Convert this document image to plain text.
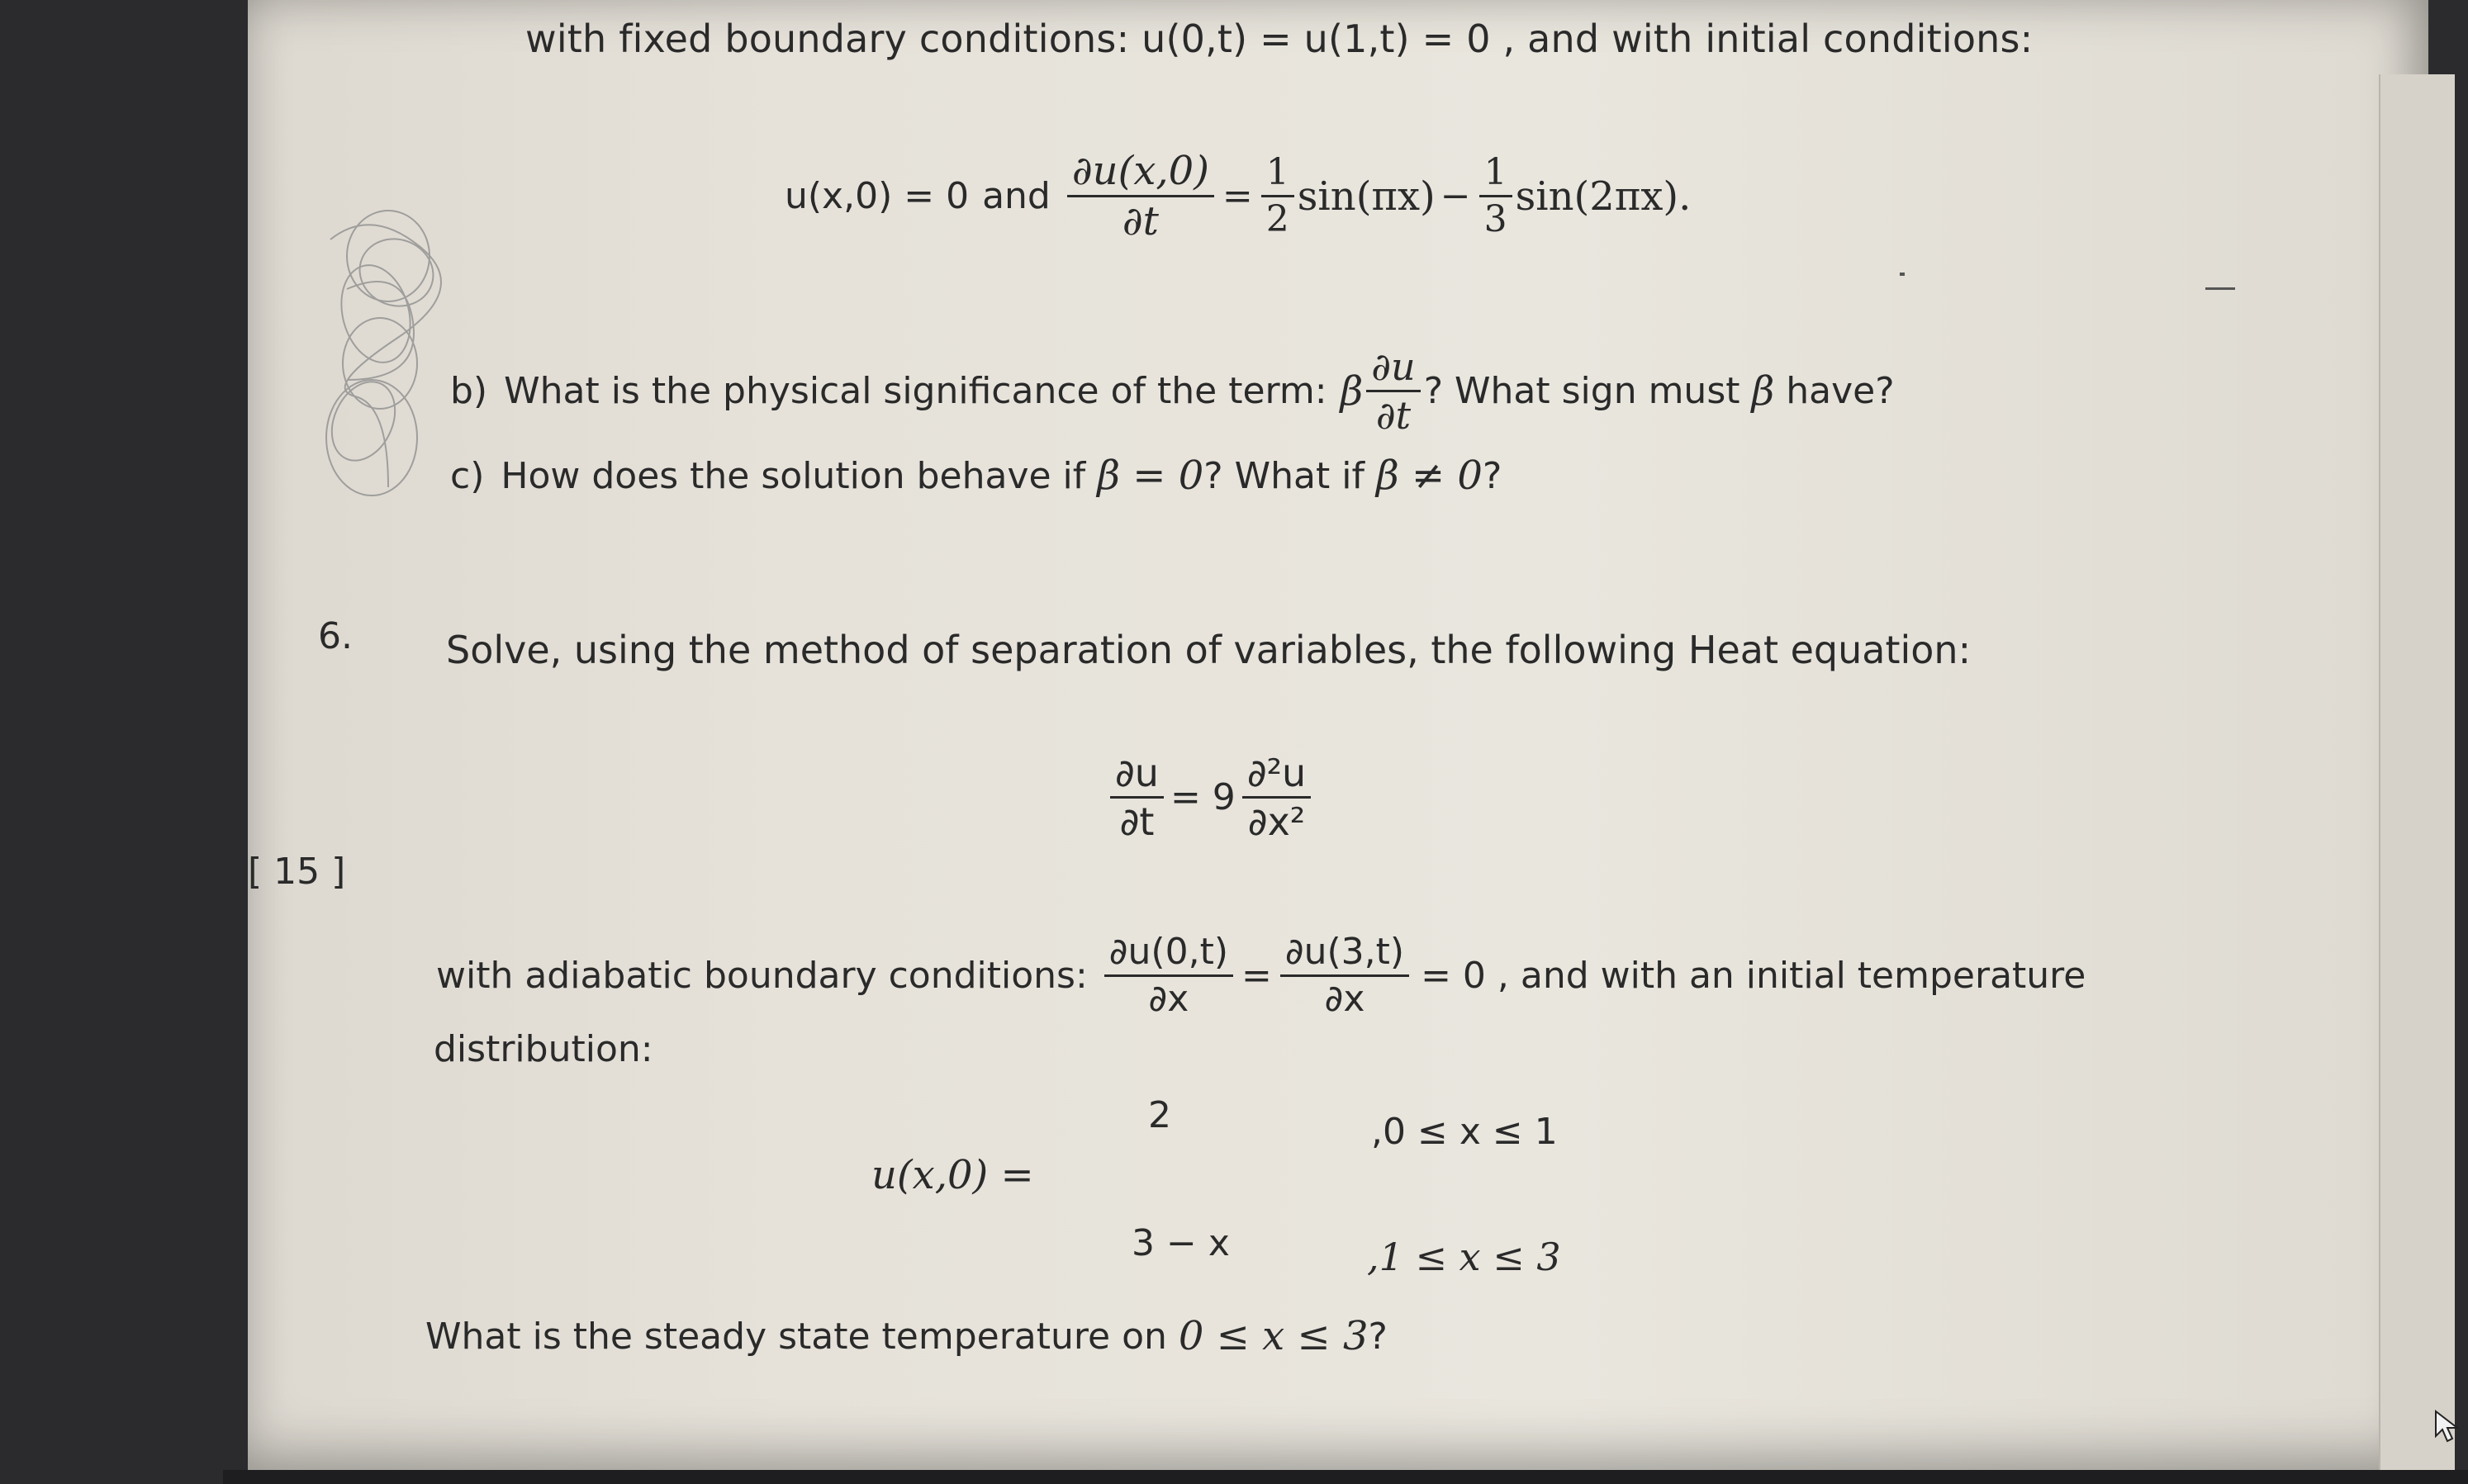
with fixed boundary conditions: u(0,t) = u(1,t) = 0 , and with initial conditions:
u(x,0) = 0 and $\frac{\partial u(x,0)}{\partial t} = \frac{1}{2} \sin(\pi x) - \frac{1}{3} \sin(2\pi x)$.
b) What is the physical significance of the term: β $\frac{\partial u}{\partial t}$ ? What sign must β have?
c) How does the solution behave if β = 0 ? What if β ≠ 0 ?
6. Solve, using the method of separation of variables, the following Heat equation:
[ 15 ]
$\frac{\partial u}{\partial t} = 9 \frac{\text{∂²u}}{\text{∂x²}}$
with adiabatic boundary conditions: $\frac{\partial u(0,t)}{\partial x} = \frac{\partial u(3,t)}{\partial x} = 0$ , and with an initial temperature
distribution:
u(x,0) =
2	,0 ≤ x ≤ 1
3 − x	,1 ≤ x ≤ 3
What is the steady state temperature on 0 ≤ x ≤ 3 ?
